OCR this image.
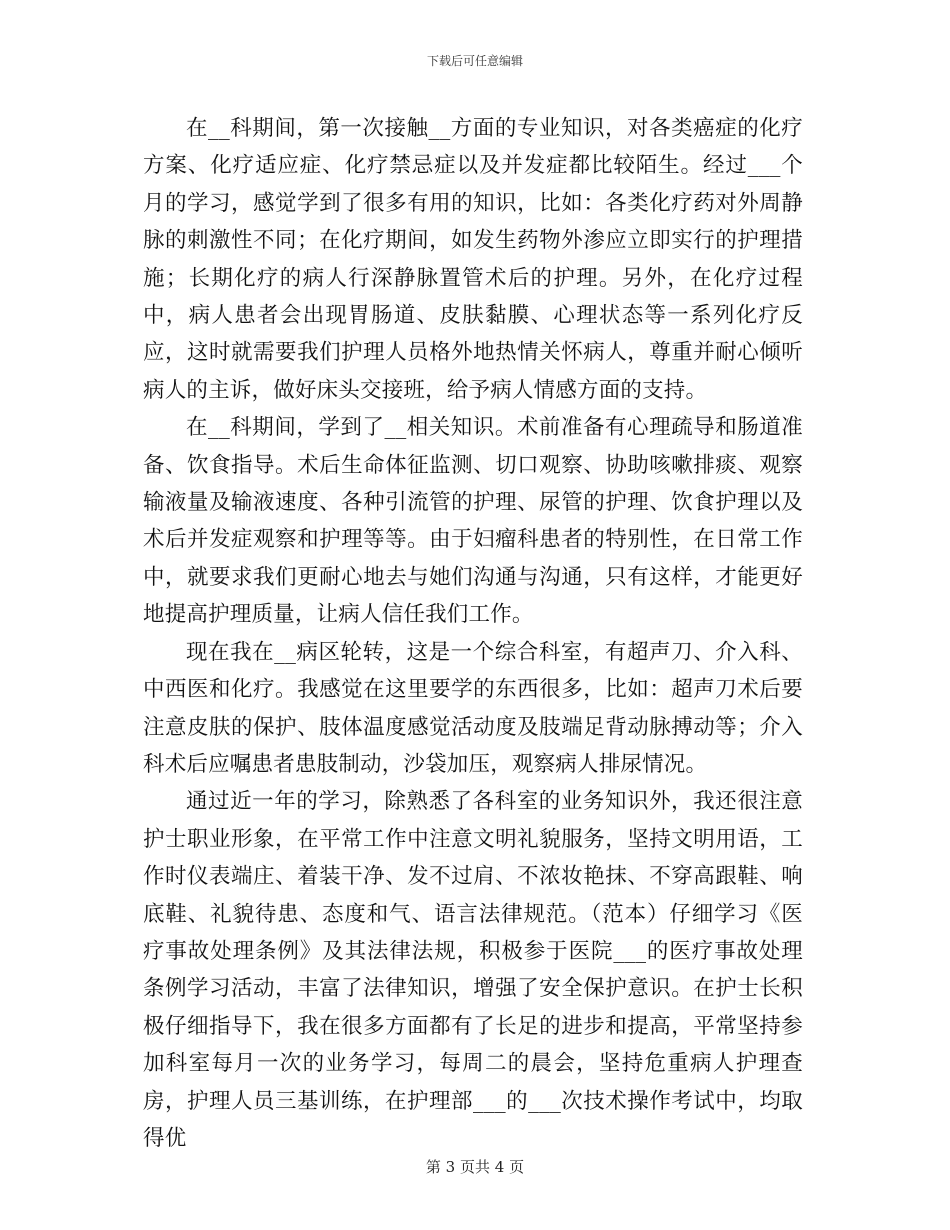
下载后可任意编辑

在__科期间，第一次接触__方面的专业知识，对各类癌症的化疗方案、化疗适应症、化疗禁忌症以及并发症都比较陌生。经过___个月的学习，感觉学到了很多有用的知识，比如：各类化疗药对外周静脉的刺激性不同；在化疗期间，如发生药物外渗应立即实行的护理措施；长期化疗的病人行深静脉置管术后的护理。另外，在化疗过程中，病人患者会出现胃肠道、皮肤黏膜、心理状态等一系列化疗反应，这时就需要我们护理人员格外地热情关怀病人，尊重并耐心倾听病人的主诉，做好床头交接班，给予病人情感方面的支持。

在__科期间，学到了__相关知识。术前准备有心理疏导和肠道准备、饮食指导。术后生命体征监测、切口观察、协助咳嗽排痰、观察输液量及输液速度、各种引流管的护理、尿管的护理、饮食护理以及术后并发症观察和护理等等。由于妇瘤科患者的特别性，在日常工作中，就要求我们更耐心地去与她们沟通与沟通，只有这样，才能更好地提高护理质量，让病人信任我们工作。

现在我在__病区轮转，这是一个综合科室，有超声刀、介入科、中西医和化疗。我感觉在这里要学的东西很多，比如：超声刀术后要注意皮肤的保护、肢体温度感觉活动度及肢端足背动脉搏动等；介入科术后应嘱患者患肢制动，沙袋加压，观察病人排尿情况。

通过近一年的学习，除熟悉了各科室的业务知识外，我还很注意护士职业形象，在平常工作中注意文明礼貌服务，坚持文明用语，工作时仪表端庄、着装干净、发不过肩、不浓妆艳抹、不穿高跟鞋、响底鞋、礼貌待患、态度和气、语言法律规范。（范本）仔细学习《医疗事故处理条例》及其法律法规，积极参于医院___的医疗事故处理条例学习活动，丰富了法律知识，增强了安全保护意识。在护士长积极仔细指导下，我在很多方面都有了长足的进步和提高，平常坚持参加科室每月一次的业务学习，每周二的晨会，坚持危重病人护理查房，护理人员三基训练，在护理部___的___次技术操作考试中，均取得优

第 3 页共 4 页
